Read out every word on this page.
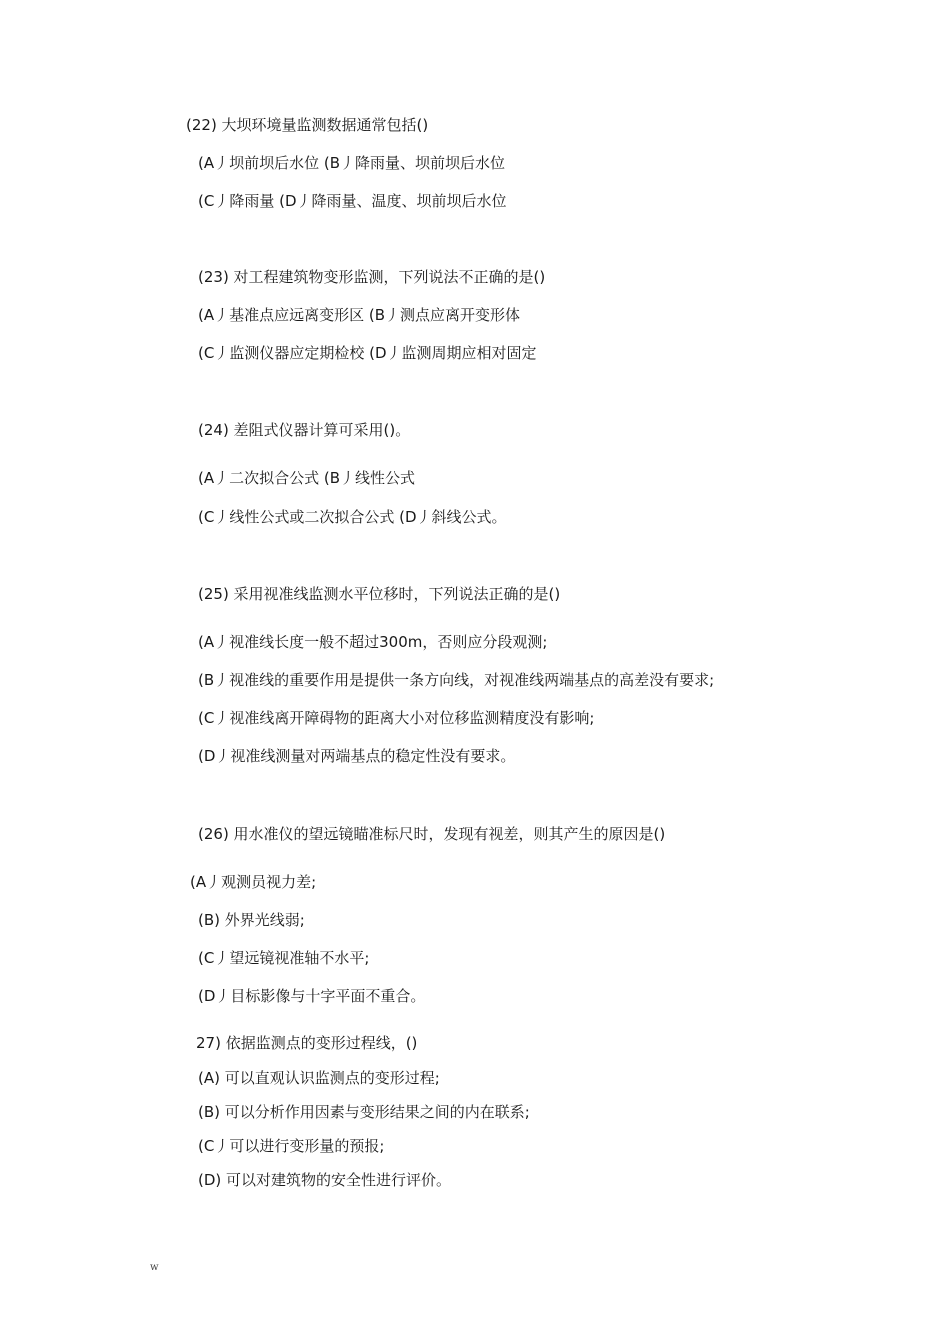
(22) 大坝环境量监测数据通常包括()
(A丿坝前坝后水位 (B丿降雨量、坝前坝后水位
(C丿降雨量 (D丿降雨量、温度、坝前坝后水位
(23) 对工程建筑物变形监测，下列说法不正确的是()
(A丿基准点应远离变形区 (B丿测点应离开变形体
(C丿监测仪器应定期检校 (D丿监测周期应相对固定
(24) 差阻式仪器计算可采用()。
(A丿二次拟合公式 (B丿线性公式
(C丿线性公式或二次拟合公式 (D丿斜线公式。
(25) 采用视准线监测水平位移时，下列说法正确的是()
(A丿视准线长度一般不超过300m，否则应分段观测;
(B丿视准线的重要作用是提供一条方向线，对视准线两端基点的高差没有要求;
(C丿视准线离开障碍物的距离大小对位移监测精度没有影响;
(D丿视准线测量对两端基点的稳定性没有要求。
(26) 用水准仪的望远镜瞄准标尺时，发现有视差，则其产生的原因是()
(A丿观测员视力差;
(B) 外界光线弱;
(C丿望远镜视准轴不水平;
(D丿目标影像与十字平面不重合。
27) 依据监测点的变形过程线，()
(A) 可以直观认识监测点的变形过程;
(B) 可以分析作用因素与变形结果之间的内在联系;
(C丿可以进行变形量的预报;
(D) 可以对建筑物的安全性进行评价。
w
